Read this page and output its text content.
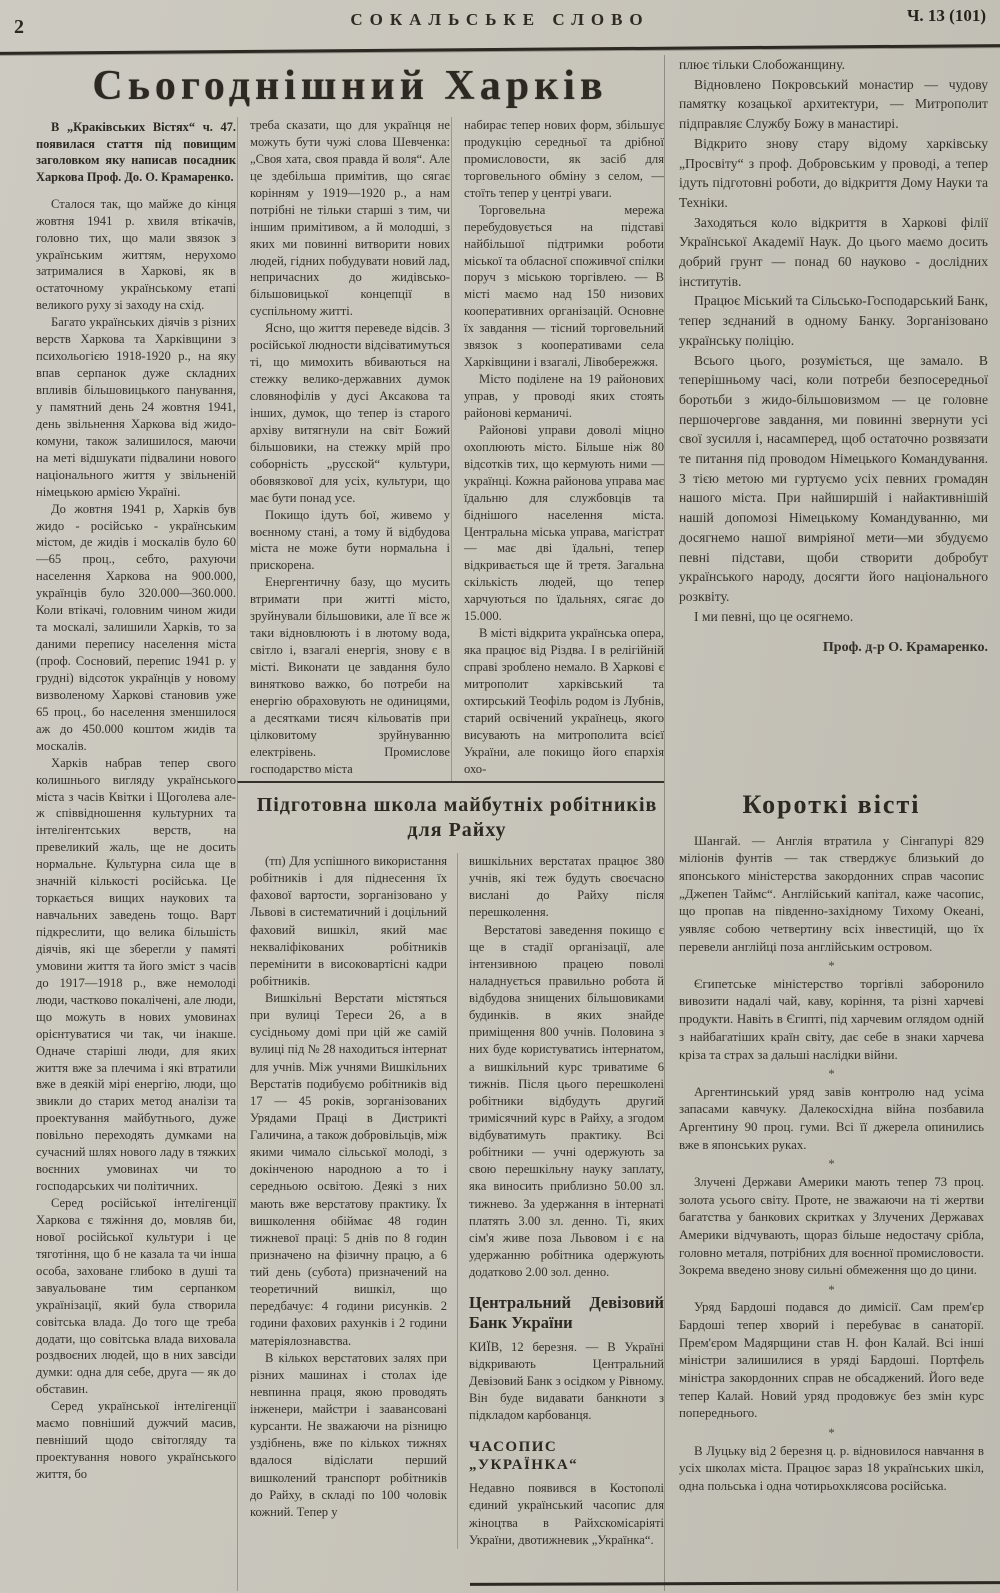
2	СОКАЛЬСЬКЕ СЛОВО	Ч. 13 (101)
Сьогоднішний Харків

В „Краківських Вістях“ ч. 47. появилася стаття під повищим заголовком яку написав посадник Харкова Проф. До. О. Крамаренко.

Сталося так, що майже до кінця жовтня 1941 р. хвиля втікачів, головно тих, що мали звязок з українським життям, нерухомо затрималися в Харкові, як в остаточному українському етапі великого руху зі заходу на схід.

Багато українських діячів з різних верств Харкова та Харківщини з психольогією 1918-1920 р., на яку впав серпанок дуже складних впливів більшовицького панування, у памятний день 24 жовтня 1941, день звільнення Харкова від жидо-комуни, також залишилося, маючи на меті відшукати підвалини нового національного життя у звільненій німецькою армією Україні.

До жовтня 1941 р, Харків був жидо - російсько - українським містом, де жидів і москалів було 60—65 проц., себто, рахуючи населення Харкова на 900.000, українців було 320.000—360.000. Коли втікачі, головним чином жиди та москалі, залишили Харків, то за даними перепису населення міста (проф. Сосновий, перепис 1941 р. у грудні) відсоток українців у новому визволеному Харкові становив уже 65 проц., бо населення зменшилося аж до 450.000 коштом жидів та москалів.

Харків набрав тепер свого колишнього вигляду українського міста з часів Квітки і Щоголева але-ж співвідношення культурних та інтелігентських верств, на превеликий жаль, ще не досить нормальне. Культурна сила ще в значній кількості російська. Це торкається вищих наукових та навчальних заведень тощо. Варт підкреслити, що велика більшість діячів, які ще зберегли у памяті умовини життя та його зміст з часів до 1917—1918 р., вже немолоді люди, частково покалічені, але люди, що можуть в нових умовинах орієнтуватися чи так, чи інакше. Одначе старіші люди, для яких життя вже за плечима і які втратили вже в деякій мірі енергію, люди, що звикли до старих метод аналізи та проектування майбутнього, дуже повільно переходять думками на сучасний шлях нового ладу в тяжких воєнних умовинах чи то господарських чи політичних.

Серед російської інтелігенції Харкова є тяжіння до, мовляв би, нової російської культури і це тяготіння, що б не казала та чи інша особа, заховане глибоко в душі та завуальоване тим серпанком українізації, який була створила совітська влада. До того ще треба додати, що совітська влада виховала роздвоєних людей, що в них завсіди думки: одна для себе, друга — як до обставин.

Серед української інтелігенції маємо повніший дужчий масив, певніший щодо світогляду та проектування нового українського життя, бо

треба сказати, що для українця не можуть бути чужі слова Шевченка: „Своя хата, своя правда й воля“. Але це здебільша примітив, що сягає корінням у 1919—1920 р., а нам потрібні не тільки старші з тим, чи іншим примітивом, а й молодші, з яких ми повинні витворити нових людей, гідних побудувати новий лад, непричасних до жидівсько-більшовицької концепції в суспільному житті.

Ясно, що життя переведе відсів. З російської людности відсіватимуться ті, що мимохить вбиваються на стежку велико-державних думок словянофілів у дусі Аксакова та інших, думок, що тепер із старого архіву витягнули на світ Божий більшовики, на стежку мрій про соборність „русской“ культури, обовязкової для усіх, культури, що має бути понад усе.

Покищо ідуть бої, живемо у воєнному стані, а тому й відбудова міста не може бути нормальна і прискорена.

Енергентичну базу, що мусить втримати при житті місто, зруйнували більшовики, але її все ж таки відновлюють і в лютому вода, світло і, взагалі енергія, знову є в місті. Виконати це завдання було винятково важко, бо потреби на енергію обраховують не одиницями, а десятками тисяч кільоватів при цілковитому зруйнуванню електрівень. Промислове господарство міста

набирає тепер нових форм, збільшує продукцію середньої та дрібної промисловости, як засіб для торговельного обміну з селом, — стоїть тепер у центрі уваги.

Торговельна мережа перебудовується на підставі найбільшої підтримки роботи міської та обласної споживчої спілки поруч з міською торгівлею. — В місті маємо над 150 низових кооперативних організацій. Основне їх завдання — тісний торговельний звязок з кооперативами села Харківщини і взагалі, Лівобережжя.

Місто поділене на 19 районових управ, у проводі яких стоять районові керманичі.

Районові управи доволі міцно охоплюють місто. Більше ніж 80 відсотків тих, що кермують ними — українці. Кожна районова управа має їдальню для службовців та біднішого населення міста. Центральна міська управа, магістрат — має дві їдальні, тепер відкривається ще й третя. Загальна скількість людей, що тепер харчуються по їдальнях, сягає до 15.000.

В місті відкрита українська опера, яка працює від Різдва. І в релігійній справі зроблено немало. В Харкові є митрополит харківський та охтирський Теофіль родом із Лубнів, старий освічений українець, якого висувають на митрополита всієї України, але покищо його єпархія охо-

плює тільки Слобожанщину.

Відновлено Покровський монастир — чудову памятку козацької архитектури, — Митрополит підправляє Службу Божу в манастирі.

Відкрито знову стару відому харківську „Просвіту“ з проф. Добровським у проводі, а тепер ідуть підготовні роботи, до відкриття Дому Науки та Техніки.

Заходяться коло відкриття в Харкові філії Української Академії Наук. До цього маємо досить добрий грунт — понад 60 науково - дослідних інститутів.

Працює Міський та Сільсько-Господарський Банк, тепер зєднаний в одному Банку. Зорганізовано українську поліцію.

Всього цього, розуміється, ще замало. В теперішньому часі, коли потреби безпосередньої боротьби з жидо-більшовизмом — це головне першочергове завдання, ми повинні звернути усі свої зусилля і, насамперед, щоб остаточно розвязати те питання під проводом Німецького Командування. З тією метою ми гуртуємо усіх певних громадян нашого міста. При найширшій і найактивнішій нашій допомозі Німецькому Командуванню, ми досягнемо нашої вимріяної мети—ми збудуємо певні підстави, щоби створити добробут українського народу, досягти його національного розквіту.

І ми певні, що це осягнемо.

Проф. д-р О. Крамаренко.

Підготовна школа майбутніх робітників
для Райху

(тп) Для успішного використання робітників і для піднесення їх фахової вартости, зорганізовано у Львові в систематичний і доцільний фаховий вишкіл, який має некваліфікованих робітників перемінити в високовартісні кадри робітників.

Вишкільні Верстати містяться при вулиці Тереси 26, а в сусідньому домі при цій же самій вулиці під № 28 находиться інтернат для учнів. Між учнями Вишкільних Верстатів подибуємо робітників від 17 — 45 років, зорганізованих Урядами Праці в Дистрикті Галичина, а також добровільців, між якими чимало сільської молоді, з докінченою народною а то і середньою освітою. Деякі з них мають вже верстатову практику. Їх вишколення обіймає 48 годин тижневої праці: 5 днів по 8 годин призначено на фізичну працю, а 6 тий день (субота) призначений на теоретичний вишкіл, що передбачує: 4 години рисунків. 2 години фахових рахунків і 2 години матеріялознавства.

В кількох верстатових залях при різних машинах і столах іде невпинна праця, якою проводять інженери, майстри і заавансовані курсанти. Не зважаючи на різницю уздібнень, вже по кількох тижнях вдалося відіслати перший вишколений транспорт робітників до Райху, в складі по 100 чоловік кожний. Тепер у

вишкільних верстатах працює 380 учнів, які теж будуть своєчасно вислані до Райху після перешколення.

Верстатові заведення покищо є ще в стадії організації, але інтензивною працею поволі наладнується правильно робота й відбудова знищених більшовиками будинків. в яких знайде приміщення 800 учнів. Половина з них буде користуватись інтернатом, а вишкільний курс триватиме 6 тижнів. Після цього перешколені робітники відбудуть другий тримісячний курс в Райху, а згодом відбуватимуть практику. Всі робітники — учні одержують за свою перешкільну науку заплату, яка виносить приблизно 50.00 зл. тижнево. За удержання в інтернаті платять 3.00 зл. денно. Ті, яких сім'я живе поза Львовом і є на удержанню робітника одержують додатково 2.00 зол. денно.

Центральний Девізовий Банк України

КИЇВ, 12 березня. — В Україні відкривають Центральний Девізовий Банк з осідком у Рівному. Він буде видавати банкноти з підкладом карбованця.

ЧАСОПИС „УКРАЇНКА“

Недавно появився в Костополі єдиний український часопис для жіноцтва в Райхскомісаріяті України, двотижневик „Українка“.

Короткі вісті

Шангай. — Англія втратила у Сінгапурі 829 міліонів фунтів — так стверджує близький до японського міністерства закордонних справ часопис „Джепен Таймс“. Англійський капітал, каже часопис, що пропав на південно-західному Тихому Океані, уявляє собою четвертину всіх інвестицій, що їх перевели англійці поза англійським островом.

*

Єгипетське міністерство торгівлі заборонило вивозити надалі чай, каву, коріння, та різні харчеві продукти. Навіть в Єгипті, під харчевим оглядом одній з найбагатіших країн світу, дає себе в знаки харчева кріза та страх за дальші наслідки війни.

*

Аргентинський уряд завів контролю над усіма запасами кавчуку. Далекосхідна війна позбавила Аргентину 90 проц. гуми. Всі її джерела опинились вже в японських руках.

*

Злучені Держави Америки мають тепер 73 проц. золота усього світу. Проте, не зважаючи на ті жертви багатства у банкових скритках у Злучених Державах Америки відчувають, щораз більше недостачу срібла, головно металя, потрібних для воєнної промисловости. Зокрема введено знову сильні обмеження що до цини.

*

Уряд Бардоші подався до димісії. Сам прем'єр Бардоші тепер хворий і перебуває в санаторії. Прем'єром Мадярщини став Н. фон Калай. Всі інші міністри залишилися в уряді Бардоші. Портфель міністра закордонних справ не обсаджений. Його веде тепер Калай. Новий уряд продовжує без змін курс попереднього.

*

В Луцьку від 2 березня ц. р. відновилося навчання в усіх школах міста. Працює зараз 18 українських шкіл, одна польська і одна чотирьохклясова російська.
